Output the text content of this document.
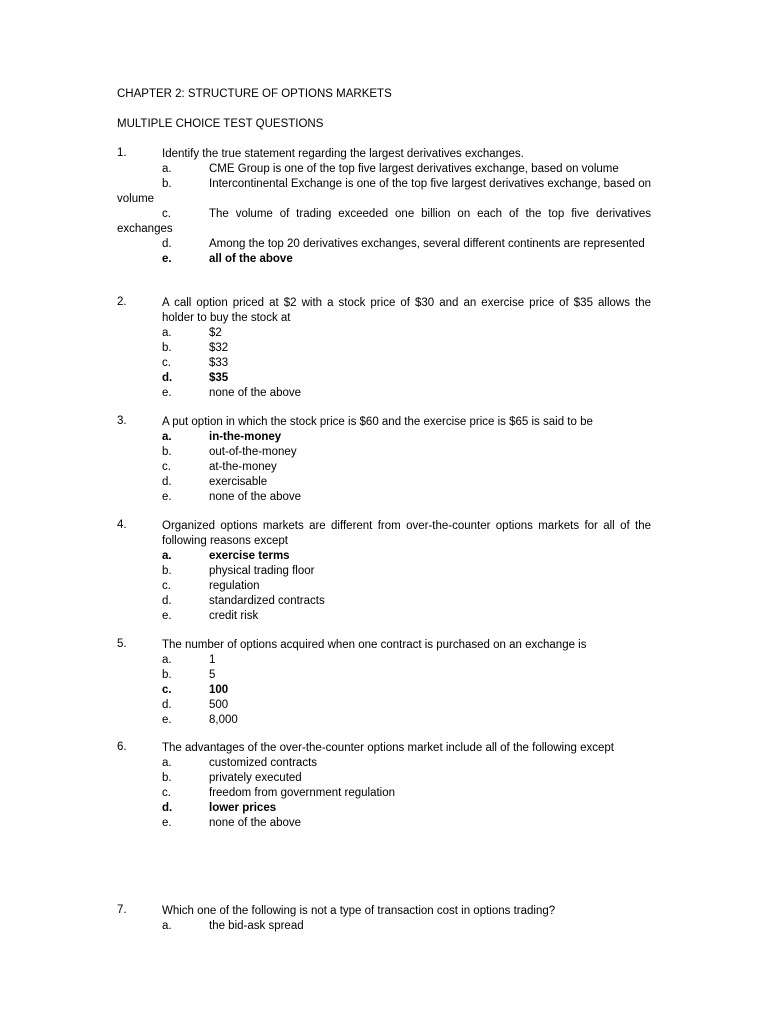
CHAPTER 2: STRUCTURE OF OPTIONS MARKETS
MULTIPLE CHOICE TEST QUESTIONS
1.	Identify the true statement regarding the largest derivatives exchanges.
a.	CME Group is one of the top five largest derivatives exchange, based on volume
b.	Intercontinental Exchange is one of the top five largest derivatives exchange, based on volume
c.	The volume of trading exceeded one billion on each of the top five derivatives exchanges
d.	Among the top 20 derivatives exchanges, several different continents are represented
e.	all of the above
2.	A call option priced at $2 with a stock price of $30 and an exercise price of $35 allows the holder to buy the stock at
a.	$2
b.	$32
c.	$33
d.	$35
e.	none of the above
3.	A put option in which the stock price is $60 and the exercise price is $65 is said to be
a.	in-the-money
b.	out-of-the-money
c.	at-the-money
d.	exercisable
e.	none of the above
4.	Organized options markets are different from over-the-counter options markets for all of the following reasons except
a.	exercise terms
b.	physical trading floor
c.	regulation
d.	standardized contracts
e.	credit risk
5.	The number of options acquired when one contract is purchased on an exchange is
a.	1
b.	5
c.	100
d.	500
e.	8,000
6.	The advantages of the over-the-counter options market include all of the following except
a.	customized contracts
b.	privately executed
c.	freedom from government regulation
d.	lower prices
e.	none of the above
7.	Which one of the following is not a type of transaction cost in options trading?
a.	the bid-ask spread
